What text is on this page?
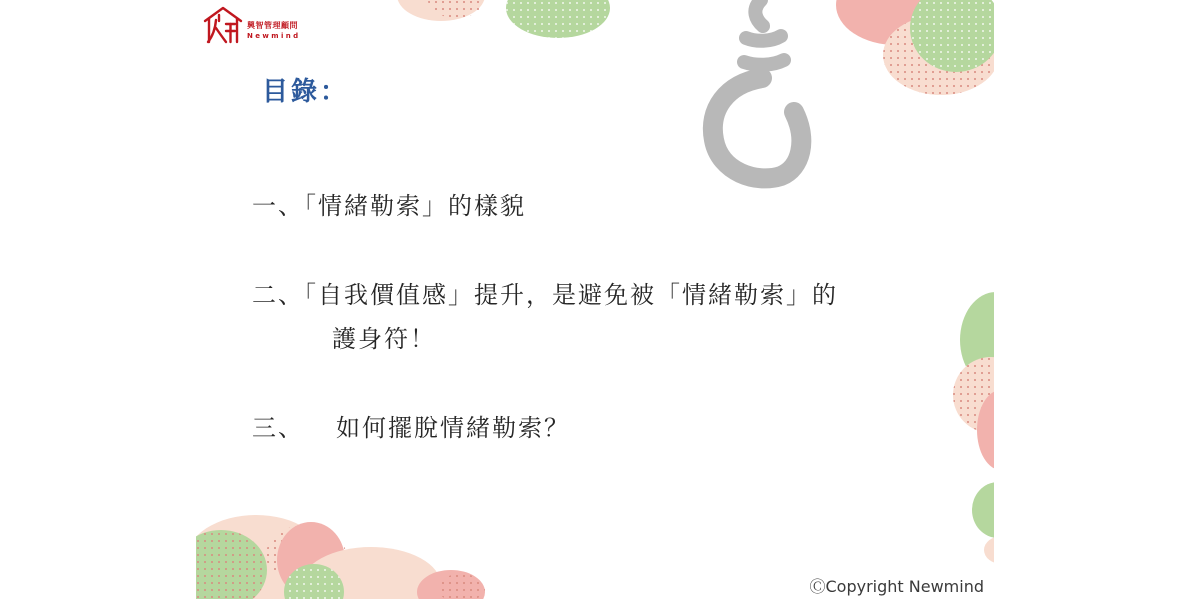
興智管理顧問
Newmind
目錄：
一、「情緒勒索」的樣貌
二、「自我價值感」提升，是避免被「情緒勒索」的
護身符！
三、 如何擺脫情緒勒索？
ⒸCopyright Newmind
